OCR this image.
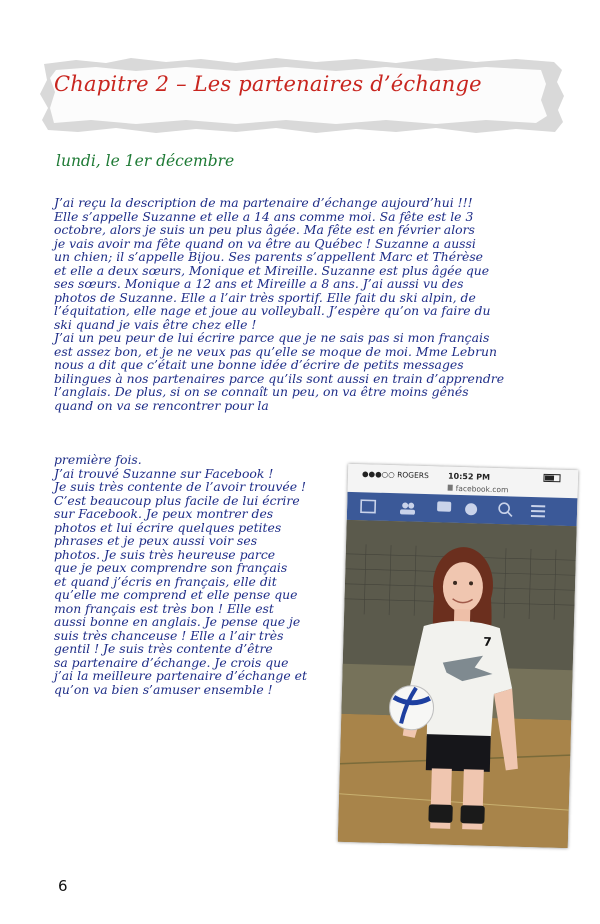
Chapitre 2 – Les partenaires d’échange
lundi, le 1er décembre
J’ai reçu la description de ma partenaire d’échange aujourd’hui !!!
Elle s’appelle Suzanne et elle a 14 ans comme moi. Sa fête est le 3
octobre, alors je suis un peu plus âgée. Ma fête est en février alors
je vais avoir ma fête quand on va être au Québec ! Suzanne a aussi
un chien; il s’appelle Bijou. Ses parents s’appellent Marc et Thérèse
et elle a deux sœurs, Monique et Mireille. Suzanne est plus âgée que
ses sœurs. Monique a 12 ans et Mireille a 8 ans. J’ai aussi vu des
photos de Suzanne. Elle a l’air très sportif. Elle fait du ski alpin, de
l’équitation, elle nage et joue au volleyball. J’espère qu’on va faire du
ski quand je vais être chez elle !
J’ai un peu peur de lui écrire parce que je ne sais pas si mon français
est assez bon, et je ne veux pas qu’elle se moque de moi. Mme Lebrun
nous a dit que c’était une bonne idée d’écrire de petits messages
bilingues à nos partenaires parce qu’ils sont aussi en train d’apprendre
l’anglais. De plus, si on se connaît un peu, on va être moins gênés
quand on va se rencontrer pour la
première fois.
J’ai trouvé Suzanne sur Facebook !
Je suis très contente de l’avoir trouvée !
C’est beaucoup plus facile de lui écrire
sur Facebook. Je peux montrer des
photos et lui écrire quelques petites
phrases et je peux aussi voir ses
photos. Je suis très heureuse parce
que je peux comprendre son français
et quand j’écris en français, elle dit
qu’elle me comprend et elle pense que
mon français est très bon ! Elle est
aussi bonne en anglais. Je pense que je
suis très chanceuse ! Elle a l’air très
gentil ! Je suis très contente d’être
sa partenaire d’échange. Je crois que
j’ai la meilleure partenaire d’échange et
qu’on va bien s’amuser ensemble !
●●●○○ ROGERS 10:52 PM
facebook.com
7
6
